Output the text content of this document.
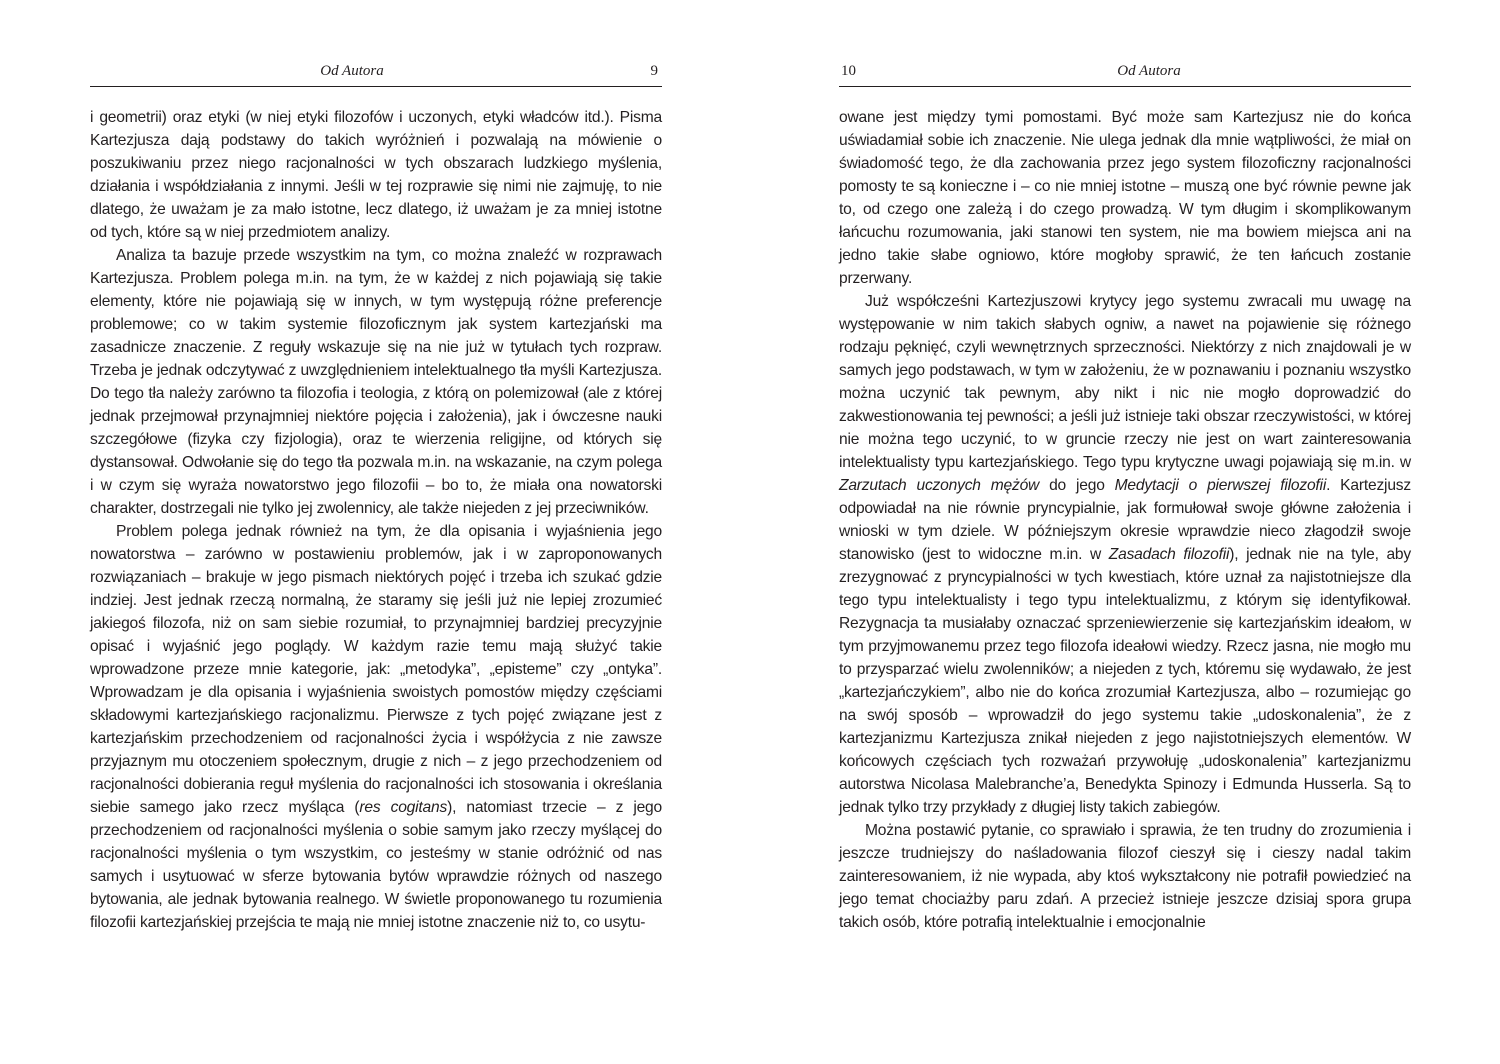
Od Autora	9

i geometrii) oraz etyki (w niej etyki filozofów i uczonych, etyki władców itd.). Pisma Kartezjusza dają podstawy do takich wyróżnień i pozwalają na mówienie o poszukiwaniu przez niego racjonalności w tych obszarach ludzkiego myślenia, działania i współdziałania z innymi. Jeśli w tej rozprawie się nimi nie zajmuję, to nie dlatego, że uważam je za mało istotne, lecz dlatego, iż uważam je za mniej istotne od tych, które są w niej przedmiotem analizy.

Analiza ta bazuje przede wszystkim na tym, co można znaleźć w rozprawach Kartezjusza. Problem polega m.in. na tym, że w każdej z nich pojawiają się takie elementy, które nie pojawiają się w innych, w tym występują różne preferencje problemowe; co w takim systemie filozoficznym jak system kartezjański ma zasadnicze znaczenie. Z reguły wskazuje się na nie już w tytułach tych rozpraw. Trzeba je jednak odczytywać z uwzględnieniem intelektualnego tła myśli Kartezjusza. Do tego tła należy zarówno ta filozofia i teologia, z którą on polemizował (ale z której jednak przejmował przynajmniej niektóre pojęcia i założenia), jak i ówczesne nauki szczegółowe (fizyka czy fizjologia), oraz te wierzenia religijne, od których się dystansował. Odwołanie się do tego tła pozwala m.in. na wskazanie, na czym polega i w czym się wyraża nowatorstwo jego filozofii – bo to, że miała ona nowatorski charakter, dostrzegali nie tylko jej zwolennicy, ale także niejeden z jej przeciwników.

Problem polega jednak również na tym, że dla opisania i wyjaśnienia jego nowatorstwa – zarówno w postawieniu problemów, jak i w zaproponowanych rozwiązaniach – brakuje w jego pismach niektórych pojęć i trzeba ich szukać gdzie indziej. Jest jednak rzeczą normalną, że staramy się jeśli już nie lepiej zrozumieć jakiegoś filozofa, niż on sam siebie rozumiał, to przynajmniej bardziej precyzyjnie opisać i wyjaśnić jego poglądy. W każdym razie temu mają służyć takie wprowadzone przeze mnie kategorie, jak: „metodyka”, „episteme” czy „ontyka”. Wprowadzam je dla opisania i wyjaśnienia swoistych pomostów między częściami składowymi kartezjańskiego racjonalizmu. Pierwsze z tych pojęć związane jest z kartezjańskim przechodzeniem od racjonalności życia i współżycia z nie zawsze przyjaznym mu otoczeniem społecznym, drugie z nich – z jego przechodzeniem od racjonalności dobierania reguł myślenia do racjonalności ich stosowania i określania siebie samego jako rzecz myśląca (res cogitans), natomiast trzecie – z jego przechodzeniem od racjonalności myślenia o sobie samym jako rzeczy myślącej do racjonalności myślenia o tym wszystkim, co jesteśmy w stanie odróżnić od nas samych i usytuować w sferze bytowania bytów wprawdzie różnych od naszego bytowania, ale jednak bytowania realnego. W świetle proponowanego tu rozumienia filozofii kartezjańskiej przejścia te mają nie mniej istotne znaczenie niż to, co usytu-

10	Od Autora

owane jest między tymi pomostami. Być może sam Kartezjusz nie do końca uświadamiał sobie ich znaczenie. Nie ulega jednak dla mnie wątpliwości, że miał on świadomość tego, że dla zachowania przez jego system filozoficzny racjonalności pomosty te są konieczne i – co nie mniej istotne – muszą one być równie pewne jak to, od czego one zależą i do czego prowadzą. W tym długim i skomplikowanym łańcuchu rozumowania, jaki stanowi ten system, nie ma bowiem miejsca ani na jedno takie słabe ogniowo, które mogłoby sprawić, że ten łańcuch zostanie przerwany.

Już współcześni Kartezjuszowi krytycy jego systemu zwracali mu uwagę na występowanie w nim takich słabych ogniw, a nawet na pojawienie się różnego rodzaju pęknięć, czyli wewnętrznych sprzeczności. Niektórzy z nich znajdowali je w samych jego podstawach, w tym w założeniu, że w poznawaniu i poznaniu wszystko można uczynić tak pewnym, aby nikt i nic nie mogło doprowadzić do zakwestionowania tej pewności; a jeśli już istnieje taki obszar rzeczywistości, w której nie można tego uczynić, to w gruncie rzeczy nie jest on wart zainteresowania intelektualisty typu kartezjańskiego. Tego typu krytyczne uwagi pojawiają się m.in. w Zarzutach uczonych mężów do jego Medytacji o pierwszej filozofii. Kartezjusz odpowiadał na nie równie pryncypialnie, jak formułował swoje główne założenia i wnioski w tym dziele. W późniejszym okresie wprawdzie nieco złagodził swoje stanowisko (jest to widoczne m.in. w Zasadach filozofii), jednak nie na tyle, aby zrezygnować z pryncypialności w tych kwestiach, które uznał za najistotniejsze dla tego typu intelektualisty i tego typu intelektualizmu, z którym się identyfikował. Rezygnacja ta musiałaby oznaczać sprzeniewierzenie się kartezjańskim ideałom, w tym przyjmowanemu przez tego filozofa ideałowi wiedzy. Rzecz jasna, nie mogło mu to przysparzać wielu zwolenników; a niejeden z tych, któremu się wydawało, że jest „kartezjańczykiem”, albo nie do końca zrozumiał Kartezjusza, albo – rozumiejąc go na swój sposób – wprowadził do jego systemu takie „udoskonalenia”, że z kartezjanizmu Kartezjusza znikał niejeden z jego najistotniejszych elementów. W końcowych częściach tych rozważań przywołuję „udoskonalenia” kartezjanizmu autorstwa Nicolasa Malebranche’a, Benedykta Spinozy i Edmunda Husserla. Są to jednak tylko trzy przykłady z długiej listy takich zabiegów.

Można postawić pytanie, co sprawiało i sprawia, że ten trudny do zrozumienia i jeszcze trudniejszy do naśladowania filozof cieszył się i cieszy nadal takim zainteresowaniem, iż nie wypada, aby ktoś wykształcony nie potrafił powiedzieć na jego temat chociażby paru zdań. A przecież istnieje jeszcze dzisiaj spora grupa takich osób, które potrafią intelektualnie i emocjonalnie
